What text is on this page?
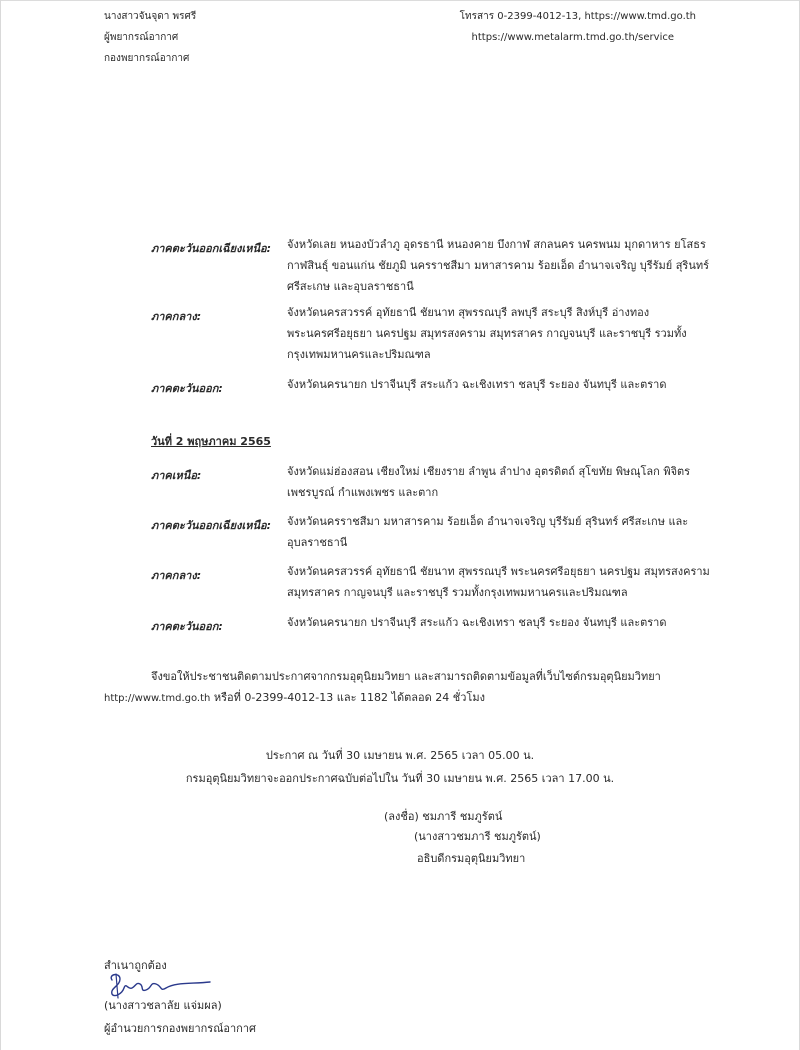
นางสาวจันจุดา พรศรี
ผู้พยากรณ์อากาศ
กองพยากรณ์อากาศ
โทรสาร 0-2399-4012-13, https://www.tmd.go.th
https://www.metalarm.tmd.go.th/service
ภาคตะวันออกเฉียงเหนือ: จังหวัดเลย หนองบัวลำภู อุดรธานี หนองคาย บึงกาฬ สกลนคร นครพนม มุกดาหาร ยโสธร
กาฬสินธุ์ ขอนแก่น ชัยภูมิ นครราชสีมา มหาสารคาม ร้อยเอ็ด อำนาจเจริญ บุรีรัมย์ สุรินทร์
ศรีสะเกษ และอุบลราชธานี
ภาคกลาง:	จังหวัดนครสวรรค์ อุทัยธานี ชัยนาท สุพรรณบุรี ลพบุรี สระบุรี สิงห์บุรี อ่างทอง
พระนครศรีอยุธยา นครปฐม สมุทรสงคราม สมุทรสาคร กาญจนบุรี และราชบุรี รวมทั้ง
กรุงเทพมหานครและปริมณฑล
ภาคตะวันออก:	จังหวัดนครนายก ปราจีนบุรี สระแก้ว ฉะเชิงเทรา ชลบุรี ระยอง จันทบุรี และตราด
วันที่ 2 พฤษภาคม 2565
ภาคเหนือ:	จังหวัดแม่ฮ่องสอน เชียงใหม่ เชียงราย ลำพูน ลำปาง อุตรดิตถ์ สุโขทัย พิษณุโลก พิจิตร
เพชรบูรณ์ กำแพงเพชร และตาก
ภาคตะวันออกเฉียงเหนือ: จังหวัดนครราชสีมา มหาสารคาม ร้อยเอ็ด อำนาจเจริญ บุรีรัมย์ สุรินทร์ ศรีสะเกษ และ
อุบลราชธานี
ภาคกลาง:	จังหวัดนครสวรรค์ อุทัยธานี ชัยนาท สุพรรณบุรี พระนครศรีอยุธยา นครปฐม สมุทรสงคราม
สมุทรสาคร กาญจนบุรี และราชบุรี รวมทั้งกรุงเทพมหานครและปริมณฑล
ภาคตะวันออก:	จังหวัดนครนายก ปราจีนบุรี สระแก้ว ฉะเชิงเทรา ชลบุรี ระยอง จันทบุรี และตราด
จึงขอให้ประชาชนติดตามประกาศจากกรมอุตุนิยมวิทยา และสามารถติดตามข้อมูลที่เว็บไซต์กรมอุตุนิยมวิทยา
http://www.tmd.go.th หรือที่ 0-2399-4012-13 และ 1182 ได้ตลอด 24 ชั่วโมง
ประกาศ ณ วันที่ 30 เมษายน พ.ศ. 2565 เวลา 05.00 น.
กรมอุตุนิยมวิทยาจะออกประกาศฉบับต่อไปใน วันที่ 30 เมษายน พ.ศ. 2565 เวลา 17.00 น.
(ลงชื่อ) ชมภารี ชมภูรัตน์
(นางสาวชมภารี ชมภูรัตน์)
อธิบดีกรมอุตุนิยมวิทยา
สำเนาถูกต้อง
(นางสาวชลาลัย แจ่มผล)
ผู้อำนวยการกองพยากรณ์อากาศ
